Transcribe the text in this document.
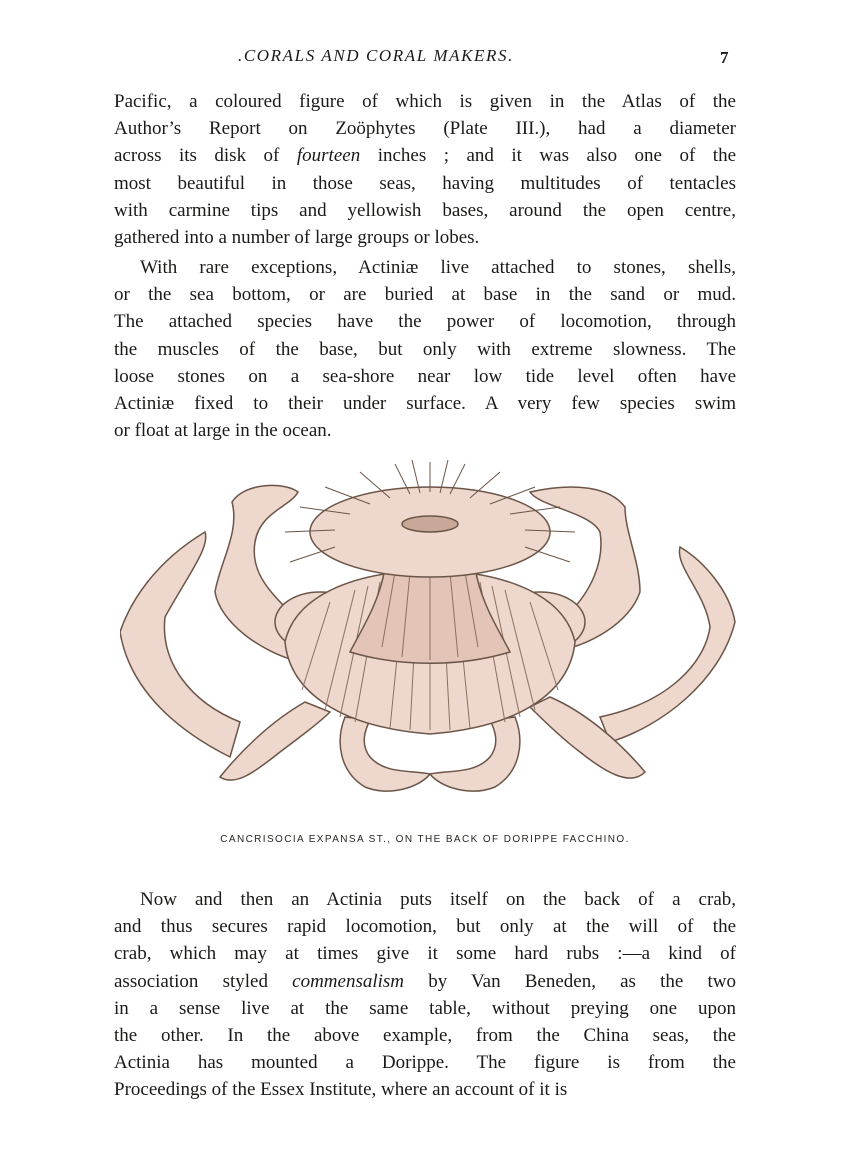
.CORALS AND CORAL MAKERS.	7
Pacific, a coloured figure of which is given in the Atlas of the
Author’s Report on Zoöphytes (Plate III.), had a diameter
across its disk of fourteen inches ; and it was also one of the
most beautiful in those seas, having multitudes of tentacles
with carmine tips and yellowish bases, around the open centre,
gathered into a number of large groups or lobes.
With rare exceptions, Actiniæ live attached to stones, shells,
or the sea bottom, or are buried at base in the sand or mud.
The attached species have the power of locomotion, through
the muscles of the base, but only with extreme slowness. The
loose stones on a sea-shore near low tide level often have
Actiniæ fixed to their under surface. A very few species swim
or float at large in the ocean.
CANCRISOCIA EXPANSA ST., ON THE BACK OF DORIPPE FACCHINO.
Now and then an Actinia puts itself on the back of a crab,
and thus secures rapid locomotion, but only at the will of the
crab, which may at times give it some hard rubs :—a kind of
association styled commensalism by Van Beneden, as the two
in a sense live at the same table, without preying one upon
the other. In the above example, from the China seas, the
Actinia has mounted a Dorippe. The figure is from the
Proceedings of the Essex Institute, where an account of it is
